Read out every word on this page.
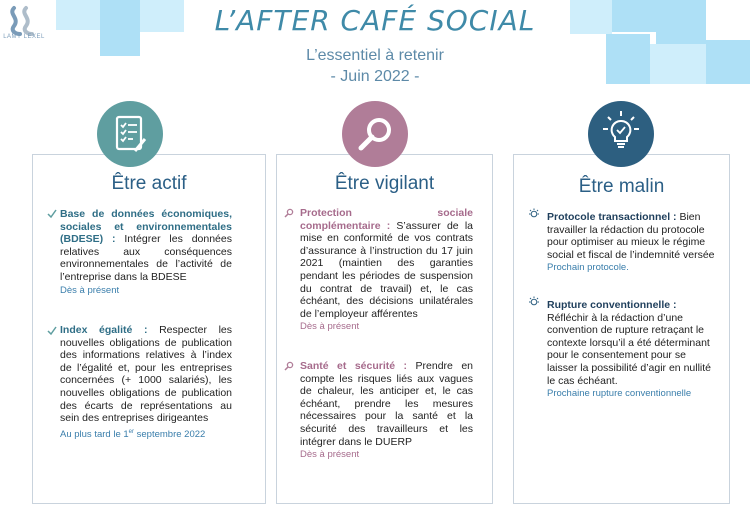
LAMY LEXEL	L’AFTER CAFÉ SOCIAL
L’essentiel à retenir
- Juin 2022 -
Être actif
Base de données économiques, sociales et environnementales (BDESE) : Intégrer les données relatives aux conséquences environnementales de l’activité de l’entreprise dans la BDESE
Dès à présent
Index égalité : Respecter les nouvelles obligations de publication des informations relatives à l’index de l’égalité et, pour les entreprises concernées (+ 1000 salariés), les nouvelles obligations de publication des écarts de représentations au sein des entreprises dirigeantes
Au plus tard le 1er septembre 2022
Être vigilant
Protection sociale complémentaire : S’assurer de la mise en conformité de vos contrats d’assurance à l’instruction du 17 juin 2021 (maintien des garanties pendant les périodes de suspension du contrat de travail) et, le cas échéant, des décisions unilatérales de l’employeur afférentes
Dès à présent
Santé et sécurité : Prendre en compte les risques liés aux vagues de chaleur, les anticiper et, le cas échéant, prendre les mesures nécessaires pour la santé et la sécurité des travailleurs et les intégrer dans le DUERP
Dès à présent
Être malin
Protocole transactionnel : Bien travailler la rédaction du protocole pour optimiser au mieux le régime social et fiscal de l’indemnité versée
Prochain protocole.
Rupture conventionnelle : Réfléchir à la rédaction d’une convention de rupture retraçant le contexte lorsqu’il a été déterminant pour le consentement pour se laisser la possibilité d’agir en nullité le cas échéant.
Prochaine rupture conventionnelle
